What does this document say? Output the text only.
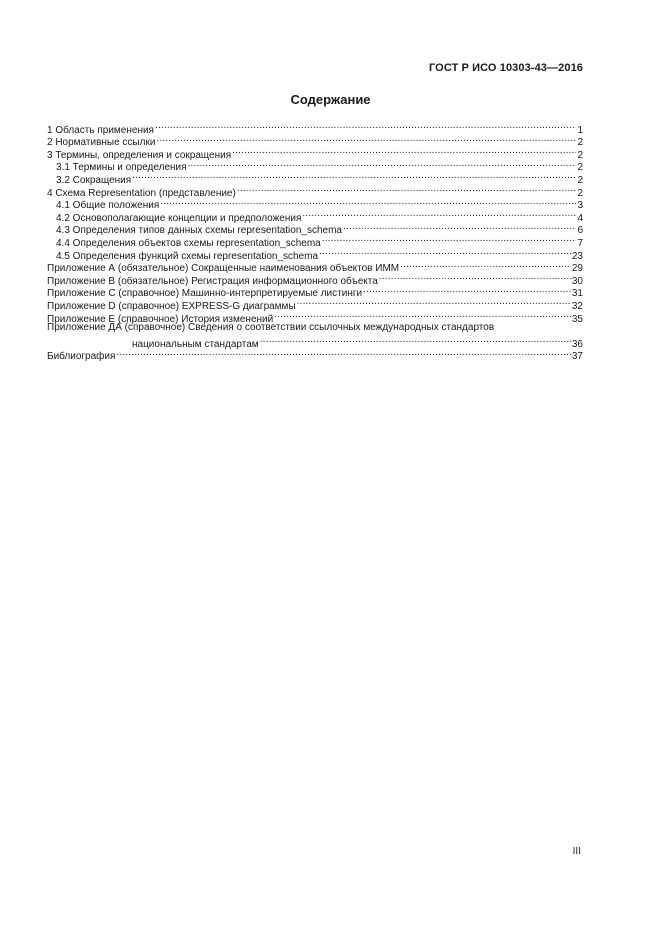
ГОСТ Р ИСО 10303-43—2016
Содержание
1 Область применения .....	1
2 Нормативные ссылки .....	2
3 Термины, определения и сокращения .....	2
3.1 Термины и определения .....	2
3.2 Сокращения .....	2
4 Схема Representation (представление) .....	2
4.1 Общие положения .....	3
4.2 Основополагающие концепции и предположения .....	4
4.3 Определения типов данных схемы representation_schema .....	6
4.4 Определения объектов схемы representation_schema .....	7
4.5 Определения функций схемы representation_schema .....	23
Приложение А (обязательное) Сокращенные наименования объектов ИММ .....	29
Приложение В (обязательное) Регистрация информационного объекта .....	30
Приложение С (справочное) Машинно-интерпретируемые листинги .....	31
Приложение D (справочное) EXPRESS-G диаграммы .....	32
Приложение Е (справочное) История изменений .....	35
Приложение ДА (справочное) Сведения о соответствии ссылочных международных стандартов
национальным стандартам .....	36
Библиография .....	37
III
